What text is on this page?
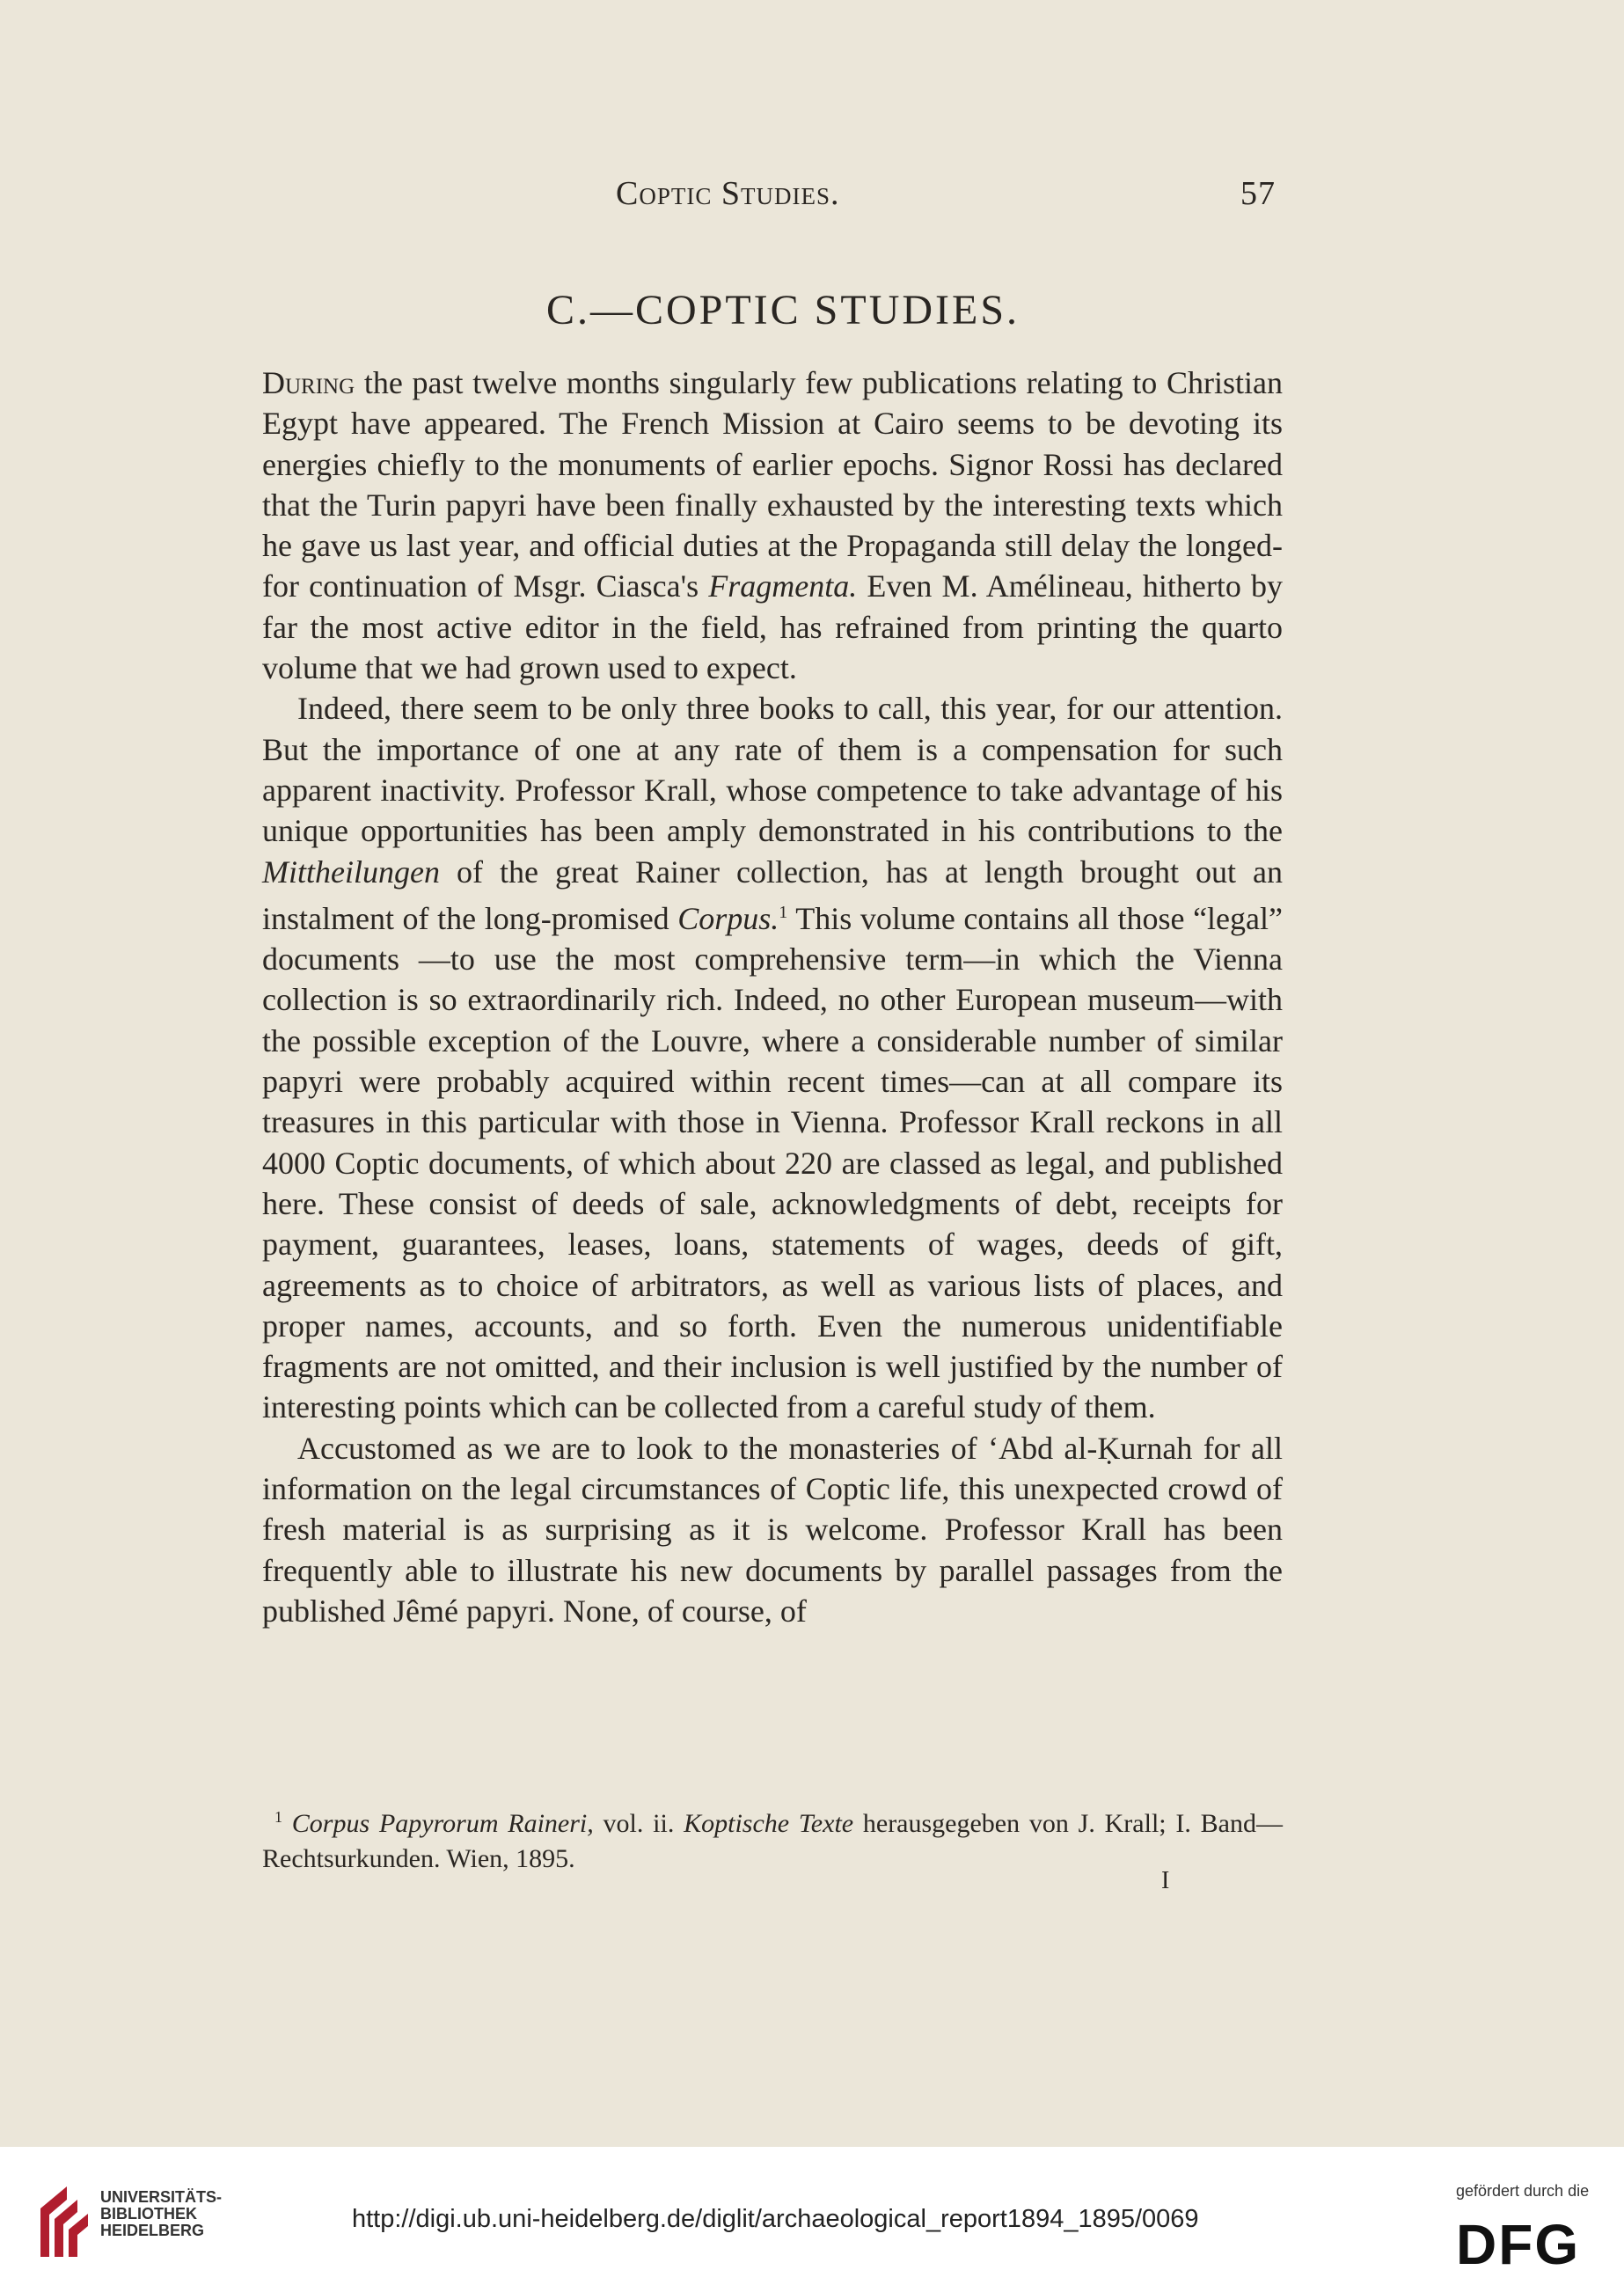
Coptic Studies.	57
C.—COPTIC STUDIES.

During the past twelve months singularly few publications relating to Christian Egypt have appeared. The French Mission at Cairo seems to be devoting its energies chiefly to the monuments of earlier epochs. Signor Rossi has declared that the Turin papyri have been finally exhausted by the interesting texts which he gave us last year, and official duties at the Propaganda still delay the longed-for continuation of Msgr. Ciasca's Fragmenta. Even M. Amélineau, hitherto by far the most active editor in the field, has refrained from printing the quarto volume that we had grown used to expect.

Indeed, there seem to be only three books to call, this year, for our attention. But the importance of one at any rate of them is a compensation for such apparent inactivity. Professor Krall, whose competence to take advantage of his unique opportunities has been amply demonstrated in his contributions to the Mittheilungen of the great Rainer collection, has at length brought out an instalment of the long-promised Corpus.$^1$ This volume contains all those “legal” documents —to use the most comprehensive term—in which the Vienna collection is so extraordinarily rich. Indeed, no other European museum—with the possible exception of the Louvre, where a considerable number of similar papyri were probably acquired within recent times—can at all compare its treasures in this particular with those in Vienna. Professor Krall reckons in all 4000 Coptic documents, of which about 220 are classed as legal, and published here. These consist of deeds of sale, acknowledgments of debt, receipts for payment, guarantees, leases, loans, statements of wages, deeds of gift, agreements as to choice of arbitrators, as well as various lists of places, and proper names, accounts, and so forth. Even the numerous unidentifiable fragments are not omitted, and their inclusion is well justified by the number of interesting points which can be collected from a careful study of them.

Accustomed as we are to look to the monasteries of ‘Abd al-Ḳurnah for all information on the legal circumstances of Coptic life, this unexpected crowd of fresh material is as surprising as it is welcome. Professor Krall has been frequently able to illustrate his new documents by parallel passages from the published Jêmé papyri. None, of course, of

$^1$ Corpus Papyrorum Raineri, vol. ii. Koptische Texte herausgegeben von J. Krall; I. Band—Rechtsurkunden. Wien, 1895.

I
UNIVERSITÄTS-
BIBLIOTHEK
HEIDELBERG	http://digi.ub.uni-heidelberg.de/diglit/archaeological_report1894_1895/0069
gefördert durch die
DFG
